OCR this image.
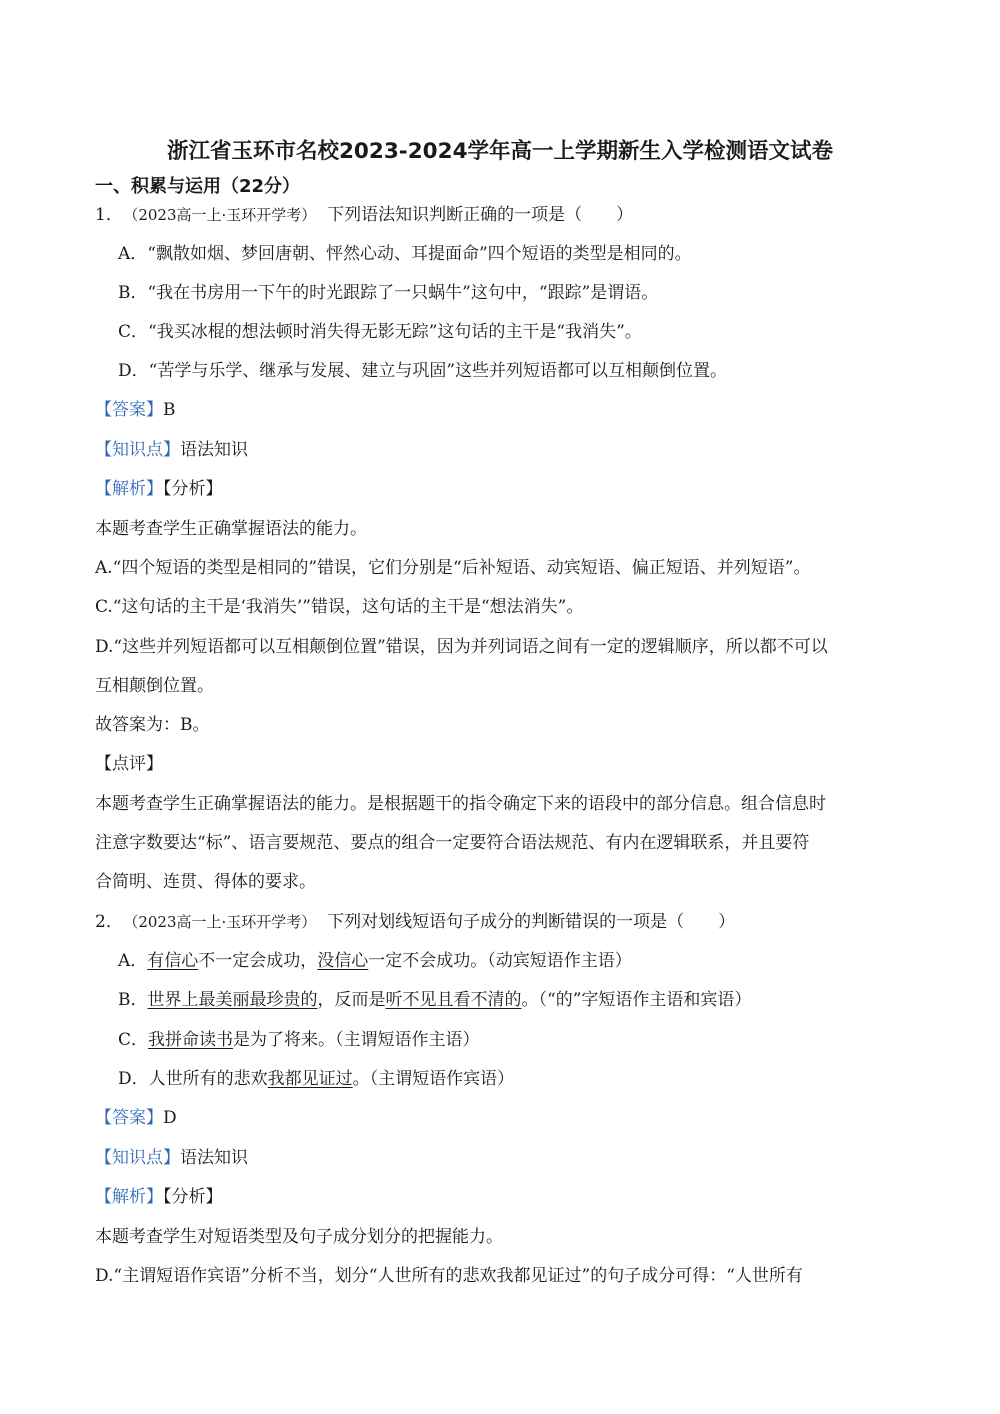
浙江省玉环市名校2023-2024学年高一上学期新生入学检测语文试卷
一、积累与运用（22分）

1． （2023高一上·玉环开学考） 下列语法知识判断正确的一项是（　　）

A．“飘散如烟、梦回唐朝、怦然心动、耳提面命”四个短语的类型是相同的。

B．“我在书房用一下午的时光跟踪了一只蜗牛”这句中，“跟踪”是谓语。

C．“我买冰棍的想法顿时消失得无影无踪”这句话的主干是“我消失”。

D．“苦学与乐学、继承与发展、建立与巩固”这些并列短语都可以互相颠倒位置。

【答案】B

【知识点】语法知识

【解析】【分析】

本题考查学生正确掌握语法的能力。

A.“四个短语的类型是相同的”错误，它们分别是“后补短语、动宾短语、偏正短语、并列短语”。

C.“这句话的主干是‘我消失’”错误，这句话的主干是“想法消失”。

D.“这些并列短语都可以互相颠倒位置”错误，因为并列词语之间有一定的逻辑顺序，所以都不可以

互相颠倒位置。

故答案为：B。

【点评】

本题考查学生正确掌握语法的能力。是根据题干的指令确定下来的语段中的部分信息。组合信息时

注意字数要达“标”、语言要规范、要点的组合一定要符合语法规范、有内在逻辑联系，并且要符

合简明、连贯、得体的要求。

2． （2023高一上·玉环开学考） 下列对划线短语句子成分的判断错误的一项是（　　）

A．有信心不一定会成功，没信心一定不会成功。（动宾短语作主语）

B．世界上最美丽最珍贵的，反而是听不见且看不清的。（“的”字短语作主语和宾语）

C．我拼命读书是为了将来。（主谓短语作主语）

D．人世所有的悲欢我都见证过。（主谓短语作宾语）

【答案】D

【知识点】语法知识

【解析】【分析】

本题考查学生对短语类型及句子成分划分的把握能力。

D.“主谓短语作宾语”分析不当，划分“人世所有的悲欢我都见证过”的句子成分可得：“人世所有
